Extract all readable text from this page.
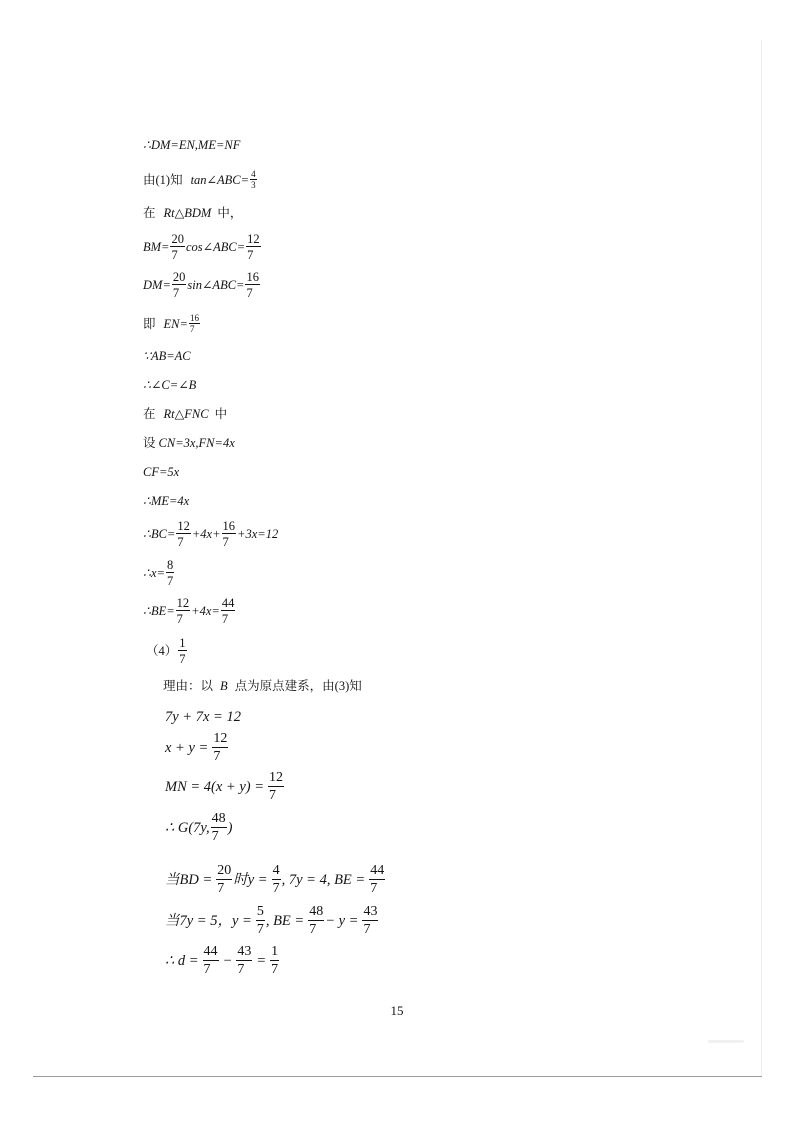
∴DM=EN,ME=NF
由(1)知 tan∠ABC= $\frac{4}{3}$
在 Rt△BDM 中，
$BM= \frac{20}{7}$ cos∠ABC= $\frac{12}{7}$
$DM= \frac{20}{7}$ sin∠ABC= $\frac{16}{7}$
即 $EN= \frac{16}{7}$
∵AB=AC
∴∠C=∠B
在 Rt△FNC 中
设 CN=3x,FN=4x
CF=5x
∴ME=4x
∴BC= $\frac{12}{7} +4x+ \frac{16}{7} +3x=12$
∴x= $\frac{8}{7}$
∴BE= $\frac{12}{7} +4x= \frac{44}{7}$
$(4) \frac{1}{7}$
理由：以 B 点为原点建系，由(3)知
7y + 7x = 12
$x + y = \frac{12}{7}$
MN = $4(x + y) = \frac{12}{7}$
∴ G(7y, $\frac{48}{7}$ )
当BD = $\frac{20}{7}$ 时$y = \frac{4}{7}$ , 7y = 4, BE = $\frac{44}{7}$
当7y = 5，$y = \frac{5}{7}$ , BE = $\frac{48}{7} - y = \frac{43}{7}$
∴ $d = \frac{44}{7} - \frac{43}{7} = \frac{1}{7}$
15
